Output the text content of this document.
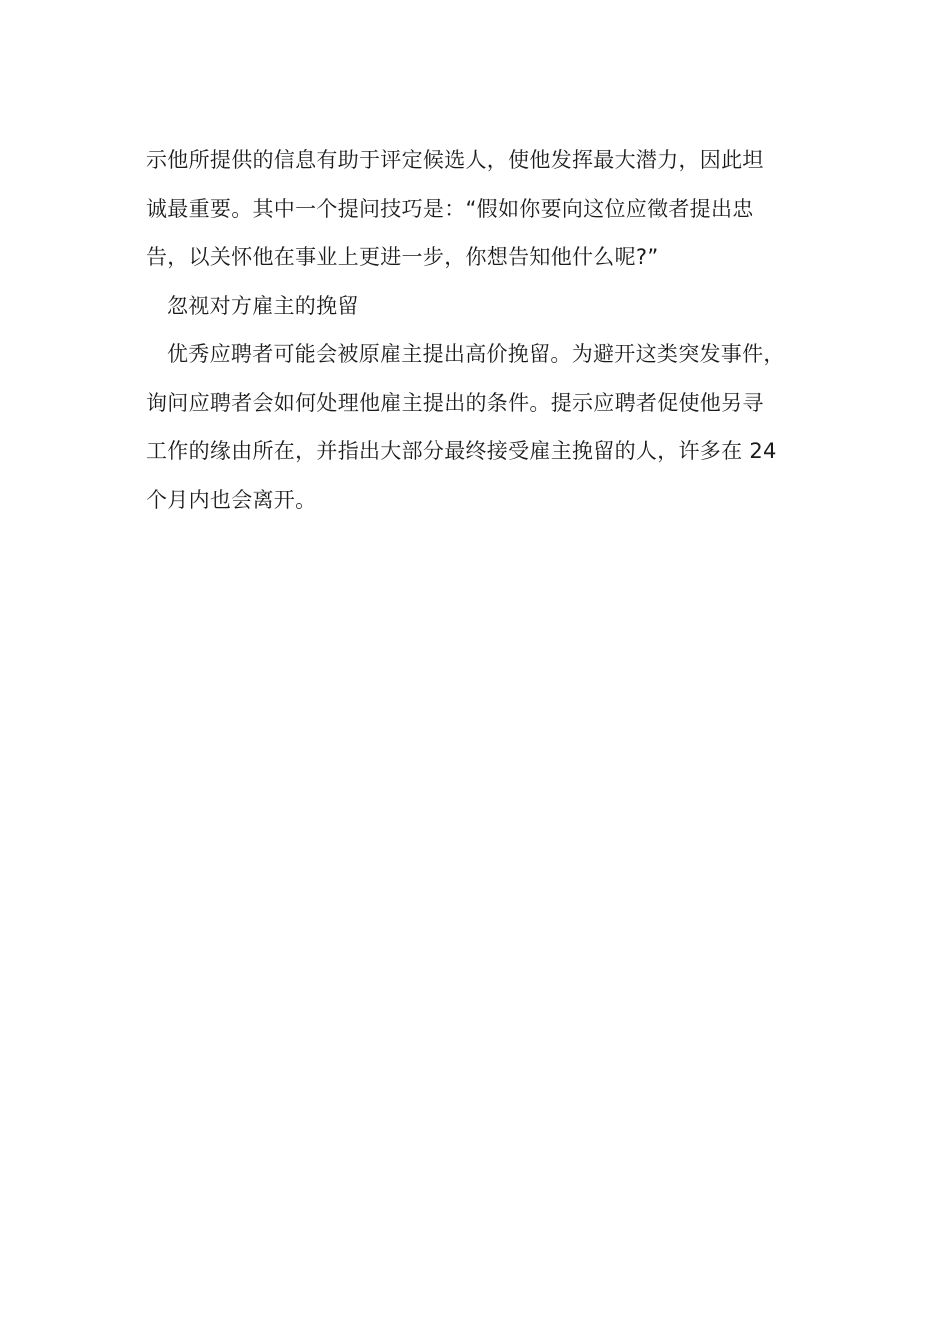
示他所提供的信息有助于评定候选人，使他发挥最大潜力，因此坦

诚最重要。其中一个提问技巧是：“假如你要向这位应徵者提出忠

告，以关怀他在事业上更进一步，你想告知他什么呢?”

忽视对方雇主的挽留

优秀应聘者可能会被原雇主提出高价挽留。为避开这类突发事件，

询问应聘者会如何处理他雇主提出的条件。提示应聘者促使他另寻

工作的缘由所在，并指出大部分最终接受雇主挽留的人，许多在 24

个月内也会离开。
